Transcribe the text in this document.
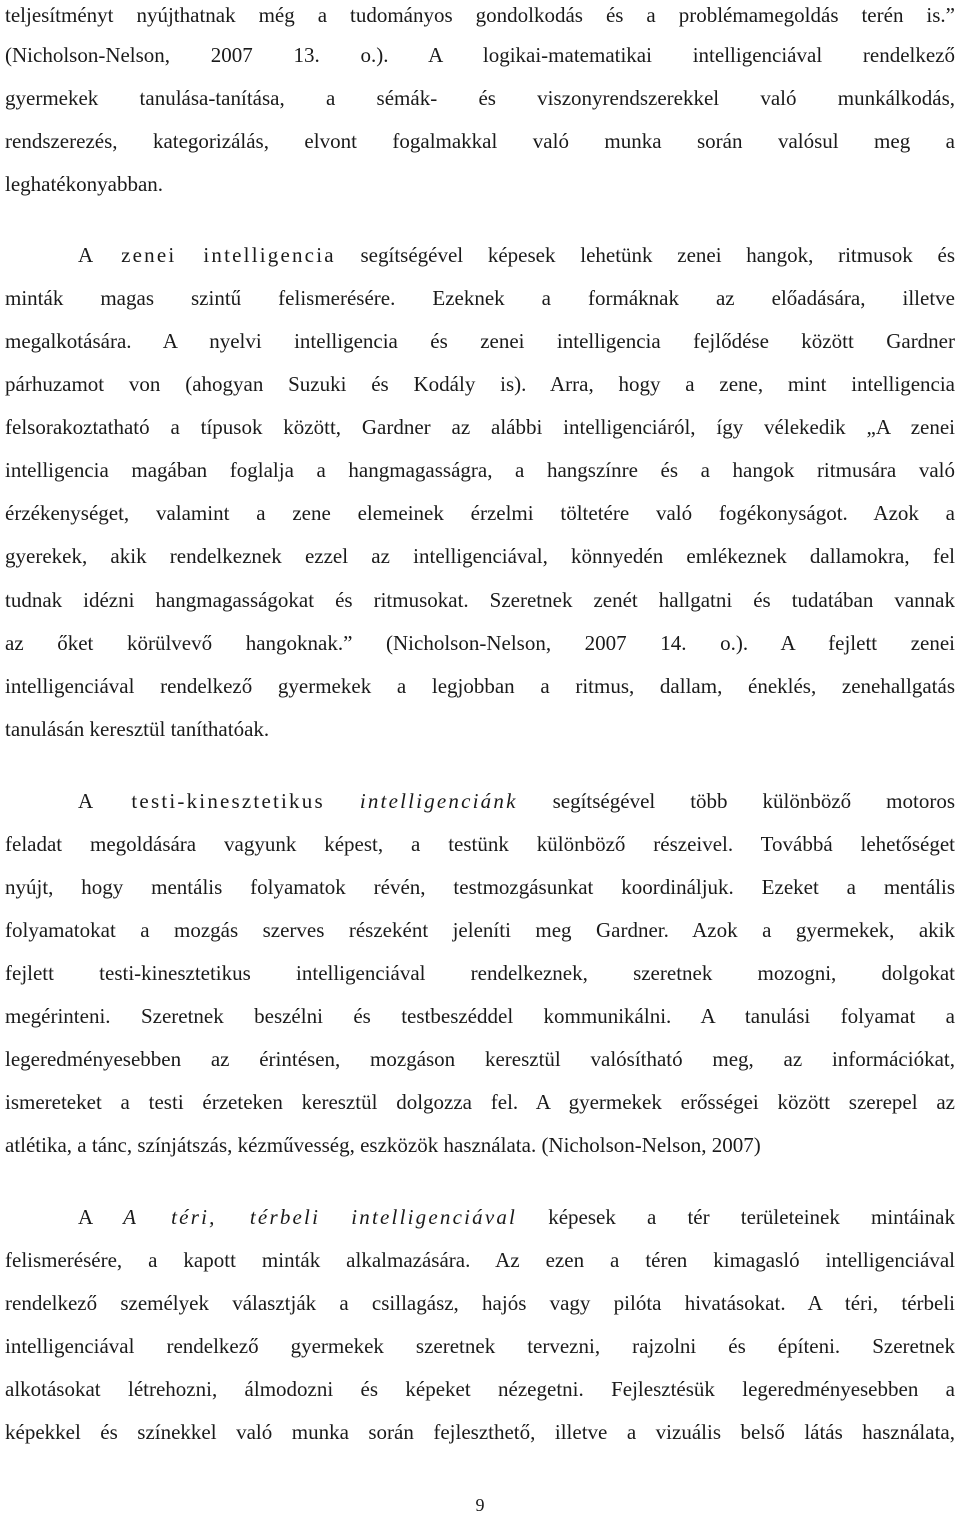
teljesítményt nyújthatnak még a tudományos gondolkodás és a problémamegoldás terén is.”
(Nicholson-Nelson, 2007 13. o.). A logikai-matematikai intelligenciával rendelkező
gyermekek tanulása-tanítása, a sémák- és viszonyrendszerekkel való munkálkodás,
rendszerezés, kategorizálás, elvont fogalmakkal való munka során valósul meg a
leghatékonyabban.
A zenei intelligencia segítségével képesek lehetünk zenei hangok, ritmusok és
minták magas szintű felismerésére. Ezeknek a formáknak az előadására, illetve
megalkotására. A nyelvi intelligencia és zenei intelligencia fejlődése között Gardner
párhuzamot von (ahogyan Suzuki és Kodály is). Arra, hogy a zene, mint intelligencia
felsorakoztatható a típusok között, Gardner az alábbi intelligenciáról, így vélekedik „A zenei
intelligencia magában foglalja a hangmagasságra, a hangszínre és a hangok ritmusára való
érzékenységet, valamint a zene elemeinek érzelmi töltetére való fogékonyságot. Azok a
gyerekek, akik rendelkeznek ezzel az intelligenciával, könnyedén emlékeznek dallamokra, fel
tudnak idézni hangmagasságokat és ritmusokat. Szeretnek zenét hallgatni és tudatában vannak
az őket körülvevő hangoknak.” (Nicholson-Nelson, 2007 14. o.). A fejlett zenei
intelligenciával rendelkező gyermekek a legjobban a ritmus, dallam, éneklés, zenehallgatás
tanulásán keresztül taníthatóak.
A testi-kinesztetikus intelligenciánk segítségével több különböző motoros
feladat megoldására vagyunk képest, a testünk különböző részeivel. Továbbá lehetőséget
nyújt, hogy mentális folyamatok révén, testmozgásunkat koordináljuk. Ezeket a mentális
folyamatokat a mozgás szerves részeként jeleníti meg Gardner. Azok a gyermekek, akik
fejlett testi-kinesztetikus intelligenciával rendelkeznek, szeretnek mozogni, dolgokat
megérinteni. Szeretnek beszélni és testbeszéddel kommunikálni. A tanulási folyamat a
legeredményesebben az érintésen, mozgáson keresztül valósítható meg, az információkat,
ismereteket a testi érzeteken keresztül dolgozza fel. A gyermekek erősségei között szerepel az
atlétika, a tánc, színjátszás, kézművesség, eszközök használata. (Nicholson-Nelson, 2007)
A A téri, térbeli intelligenciával képesek a tér területeinek mintáinak
felismerésére, a kapott minták alkalmazására. Az ezen a téren kimagasló intelligenciával
rendelkező személyek választják a csillagász, hajós vagy pilóta hivatásokat. A téri, térbeli
intelligenciával rendelkező gyermekek szeretnek tervezni, rajzolni és építeni. Szeretnek
alkotásokat létrehozni, álmodozni és képeket nézegetni. Fejlesztésük legeredményesebben a
képekkel és színekkel való munka során fejleszthető, illetve a vizuális belső látás használata,
9
